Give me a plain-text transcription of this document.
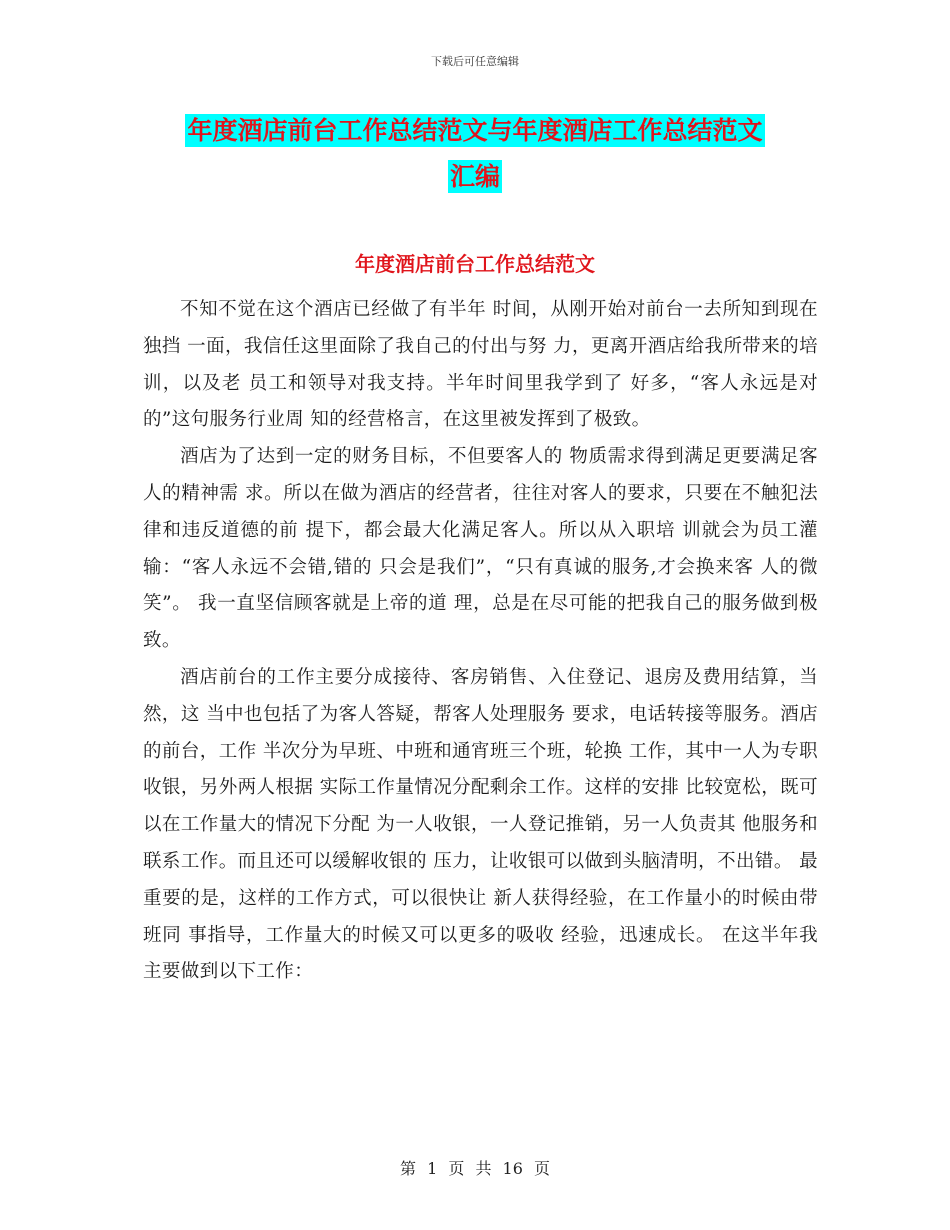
下载后可任意编辑
年度酒店前台工作总结范文与年度酒店工作总结范文
汇编
年度酒店前台工作总结范文

不知不觉在这个酒店已经做了有半年 时间，从刚开始对前台一去所知到现在独挡 一面，我信任这里面除了我自己的付出与努 力，更离开酒店给我所带来的培训，以及老 员工和领导对我支持。半年时间里我学到了 好多，“客人永远是对的”这句服务行业周 知的经营格言，在这里被发挥到了极致。

酒店为了达到一定的财务目标，不但要客人的 物质需求得到满足更要满足客人的精神需 求。所以在做为酒店的经营者，往往对客人的要求，只要在不触犯法律和违反道德的前 提下，都会最大化满足客人。所以从入职培 训就会为员工灌输：“客人永远不会错,错的 只会是我们”，“只有真诚的服务,才会换来客 人的微笑”。 我一直坚信顾客就是上帝的道 理，总是在尽可能的把我自己的服务做到极 致。

酒店前台的工作主要分成接待、客房销售、入住登记、退房及费用结算，当然，这 当中也包括了为客人答疑，帮客人处理服务 要求，电话转接等服务。酒店的前台，工作 半次分为早班、中班和通宵班三个班，轮换 工作，其中一人为专职收银，另外两人根据 实际工作量情况分配剩余工作。这样的安排 比较宽松，既可以在工作量大的情况下分配 为一人收银，一人登记推销，另一人负责其 他服务和联系工作。而且还可以缓解收银的 压力，让收银可以做到头脑清明，不出错。 最重要的是，这样的工作方式，可以很快让 新人获得经验，在工作量小的时候由带班同 事指导，工作量大的时候又可以更多的吸收 经验，迅速成长。 在这半年我主要做到以下工作：

第 1 页 共 16 页
